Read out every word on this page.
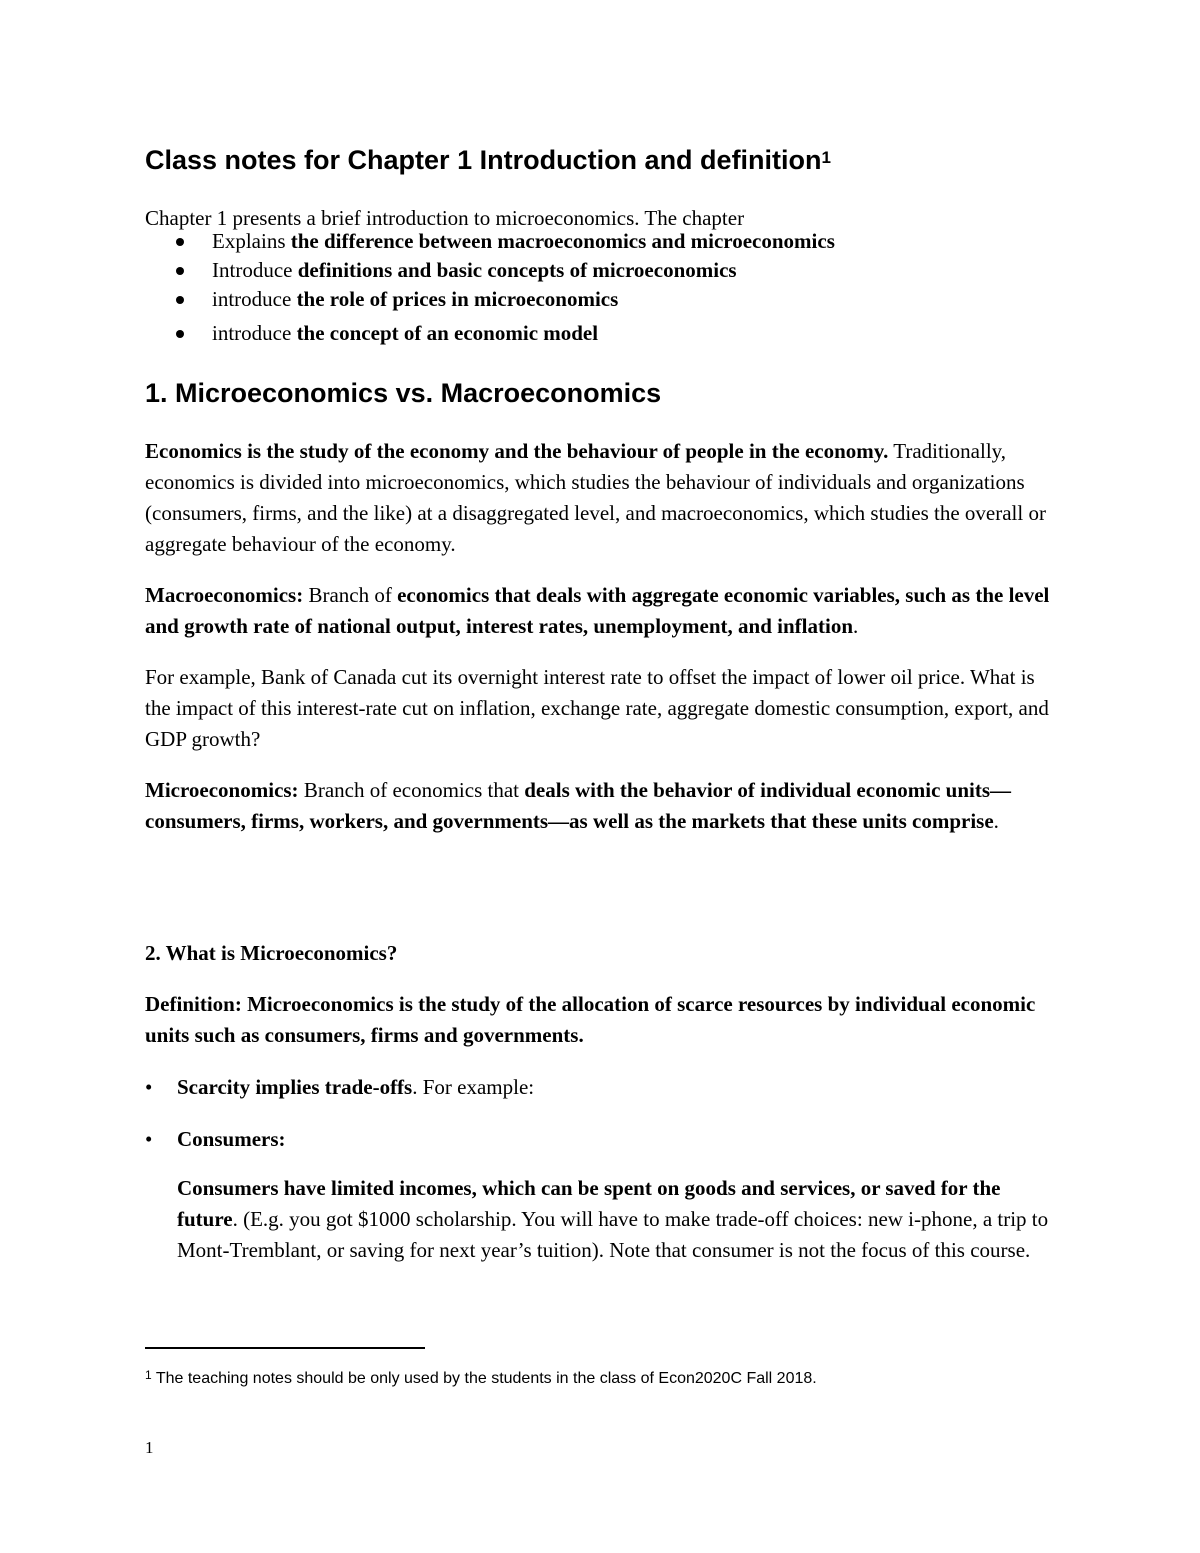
Class notes for Chapter 1 Introduction and definition$^1$
Chapter 1 presents a brief introduction to microeconomics. The chapter
Explains the difference between macroeconomics and microeconomics
Introduce definitions and basic concepts of microeconomics
introduce the role of prices in microeconomics
introduce the concept of an economic model
1. Microeconomics vs. Macroeconomics
Economics is the study of the economy and the behaviour of people in the economy. Traditionally, economics is divided into microeconomics, which studies the behaviour of individuals and organizations (consumers, firms, and the like) at a disaggregated level, and macroeconomics, which studies the overall or aggregate behaviour of the economy.
Macroeconomics: Branch of economics that deals with aggregate economic variables, such as the level and growth rate of national output, interest rates, unemployment, and inflation.
For example, Bank of Canada cut its overnight interest rate to offset the impact of lower oil price. What is the impact of this interest-rate cut on inflation, exchange rate, aggregate domestic consumption, export, and GDP growth?
Microeconomics: Branch of economics that deals with the behavior of individual economic units—consumers, firms, workers, and governments—as well as the markets that these units comprise.
2. What is Microeconomics?
Definition: Microeconomics is the study of the allocation of scarce resources by individual economic units such as consumers, firms and governments.
• Scarcity implies trade-offs. For example:
• Consumers:
Consumers have limited incomes, which can be spent on goods and services, or saved for the future. (E.g. you got $1000 scholarship. You will have to make trade-off choices: new i-phone, a trip to Mont-Tremblant, or saving for next year’s tuition). Note that consumer is not the focus of this course.
$^1$ The teaching notes should be only used by the students in the class of Econ2020C Fall 2018.
1
